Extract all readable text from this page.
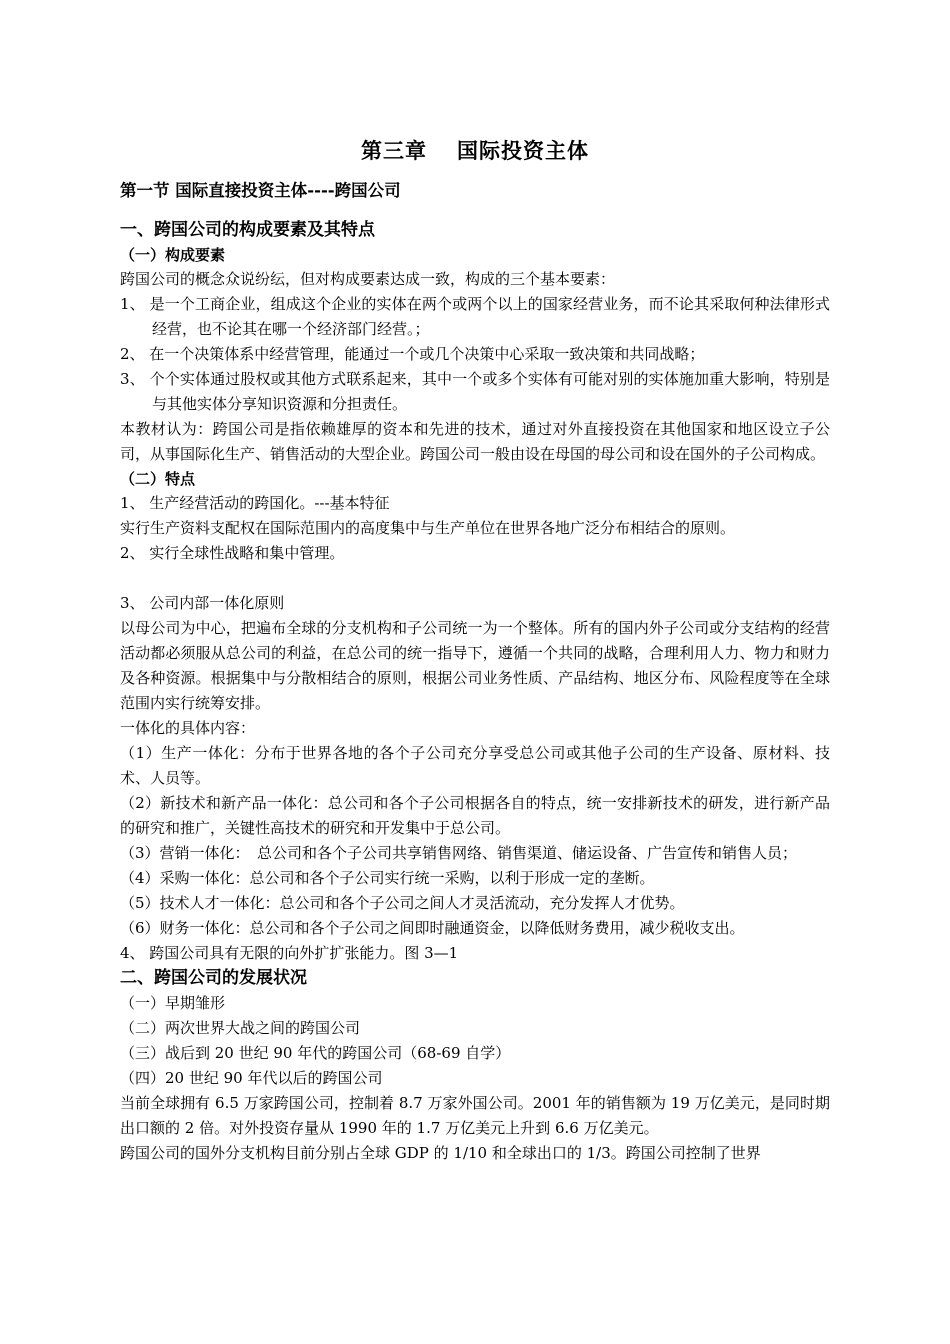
第三章 国际投资主体
第一节 国际直接投资主体----跨国公司
一、跨国公司的构成要素及其特点
（一）构成要素

跨国公司的概念众说纷纭，但对构成要素达成一致，构成的三个基本要素：

1、 是一个工商企业，组成这个企业的实体在两个或两个以上的国家经营业务，而不论其采取何种法律形式经营，也不论其在哪一个经济部门经营。；

2、 在一个决策体系中经营管理，能通过一个或几个决策中心采取一致决策和共同战略；

3、 个个实体通过股权或其他方式联系起来，其中一个或多个实体有可能对别的实体施加重大影响，特别是与其他实体分享知识资源和分担责任。

本教材认为：跨国公司是指依赖雄厚的资本和先进的技术，通过对外直接投资在其他国家和地区设立子公司，从事国际化生产、销售活动的大型企业。跨国公司一般由设在母国的母公司和设在国外的子公司构成。

（二）特点

1、 生产经营活动的跨国化。---基本特征

实行生产资料支配权在国际范围内的高度集中与生产单位在世界各地广泛分布相结合的原则。

2、 实行全球性战略和集中管理。

3、 公司内部一体化原则

以母公司为中心，把遍布全球的分支机构和子公司统一为一个整体。所有的国内外子公司或分支结构的经营活动都必须服从总公司的利益，在总公司的统一指导下，遵循一个共同的战略，合理利用人力、物力和财力及各种资源。根据集中与分散相结合的原则，根据公司业务性质、产品结构、地区分布、风险程度等在全球范围内实行统筹安排。

一体化的具体内容：

（1）生产一体化：分布于世界各地的各个子公司充分享受总公司或其他子公司的生产设备、原材料、技术、人员等。

（2）新技术和新产品一体化：总公司和各个子公司根据各自的特点，统一安排新技术的研发，进行新产品的研究和推广，关键性高技术的研究和开发集中于总公司。

（3）营销一体化：　总公司和各个子公司共享销售网络、销售渠道、储运设备、广告宣传和销售人员；

（4）采购一体化：总公司和各个子公司实行统一采购，以利于形成一定的垄断。

（5）技术人才一体化：总公司和各个子公司之间人才灵活流动，充分发挥人才优势。

（6）财务一体化：总公司和各个子公司之间即时融通资金，以降低财务费用，减少税收支出。

4、 跨国公司具有无限的向外扩扩张能力。图 3—1

二、跨国公司的发展状况

（一）早期雏形

（二）两次世界大战之间的跨国公司

（三）战后到 20 世纪 90 年代的跨国公司（68-69 自学）

（四）20 世纪 90 年代以后的跨国公司

当前全球拥有 6.5 万家跨国公司，控制着 8.7 万家外国公司。2001 年的销售额为 19 万亿美元，是同时期出口额的 2 倍。对外投资存量从 1990 年的 1.7 万亿美元上升到 6.6 万亿美元。

跨国公司的国外分支机构目前分别占全球 GDP 的 1/10 和全球出口的 1/3。跨国公司控制了世界
